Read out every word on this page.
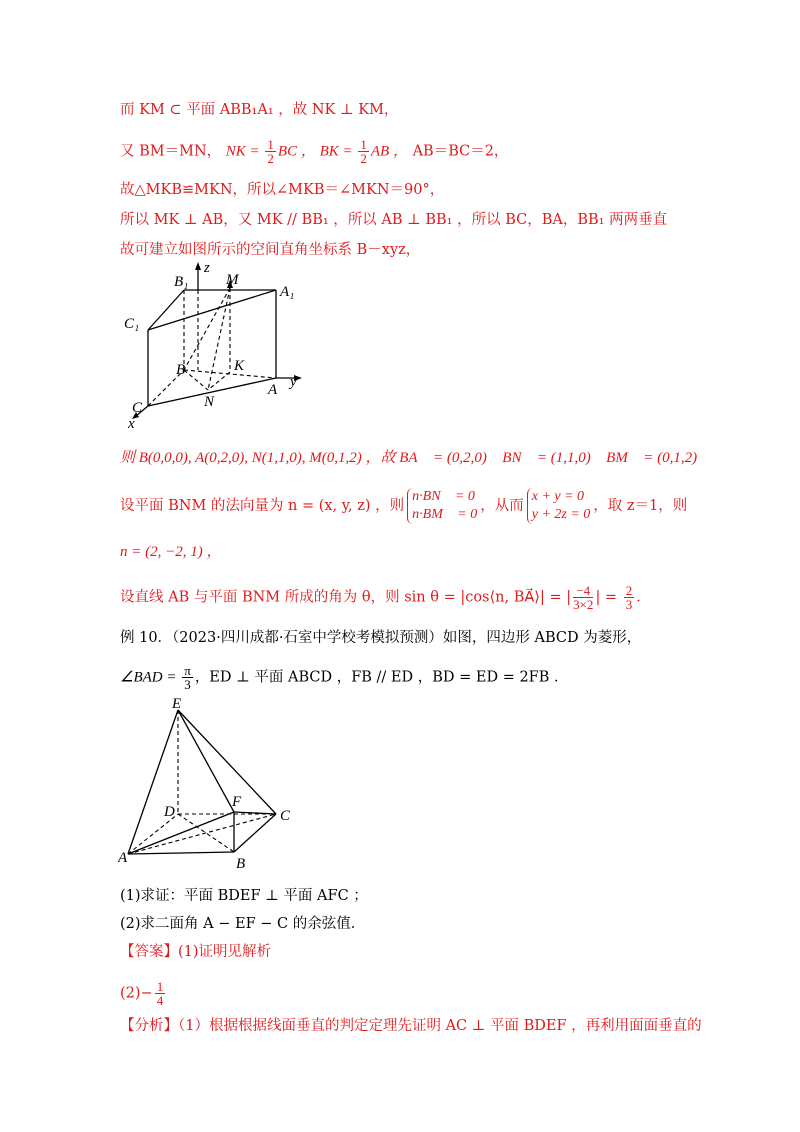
而 KM ⊂ 平面 ABB₁A₁ ，故 NK ⊥ KM，
又 BM＝MN， NK = $\frac{1}{2}$ BC ， BK = $\frac{1}{2}$ AB ， AB＝BC＝2，
故△MKB≌MKN，所以∠MKB＝∠MKN＝90°，
所以 MK ⊥ AB，又 MK // BB₁ ，所以 AB ⊥ BB₁ ，所以 BC，BA，BB₁ 两两垂直
故可建立如图所示的空间直角坐标系 B－xyz，
z
B₁	M
A₁
C₁
B	K
A y
N
C
x
则 B(0,0,0), A(0,2,0), N(1,1,0), M(0,1,2) ，故 BA⃗ = (0,2,0) ，BN⃗ = (1,1,0) ，BM⃗ = (0,1,2) ，
设平面 BNM 的法向量为 n = (x, y, z) ，则n·BN⃗ = 0
n·BM⃗ = 0，从而x + y = 0
y + 2z = 0，取 z＝1，则
n = (2, −2, 1) ，
设直线 AB 与平面 BNM 所成的角为 θ，则 sin θ = |cos⟨n, BA⃗⟩| = | $\frac{-4}{3\times 2}$ | = $\frac{2}{3}$ ．
例 10．（2023·四川成都·石室中学校考模拟预测）如图，四边形 ABCD 为菱形，
∠BAD = $\frac{\pi}{3}$ ，ED ⊥ 平面 ABCD ，FB // ED ，BD = ED = 2FB ．
E
D
F
C
A	B
(1)求证：平面 BDEF ⊥ 平面 AFC ；
(2)求二面角 A − EF − C 的余弦值．
【答案】(1)证明见解析
$(2)- \frac{1}{4}$
【分析】（1）根据根据线面垂直的判定定理先证明 AC ⊥ 平面 BDEF ，再利用面面垂直的
